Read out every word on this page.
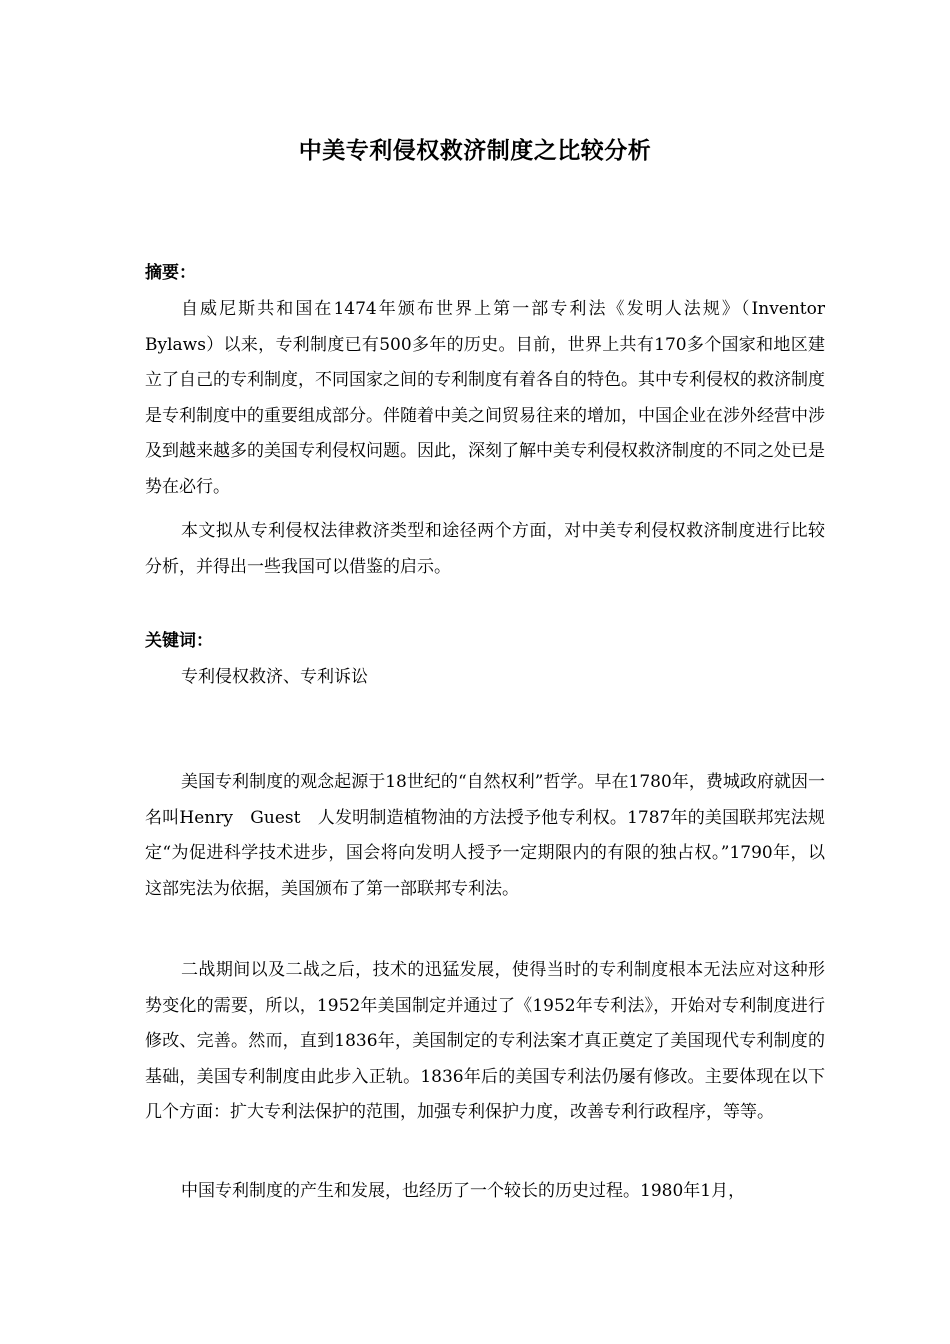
中美专利侵权救济制度之比较分析
摘要：

自威尼斯共和国在1474年颁布世界上第一部专利法《发明人法规》（Inventor Bylaws）以来，专利制度已有500多年的历史。目前，世界上共有170多个国家和地区建立了自己的专利制度，不同国家之间的专利制度有着各自的特色。其中专利侵权的救济制度是专利制度中的重要组成部分。伴随着中美之间贸易往来的增加，中国企业在涉外经营中涉及到越来越多的美国专利侵权问题。因此，深刻了解中美专利侵权救济制度的不同之处已是势在必行。

本文拟从专利侵权法律救济类型和途径两个方面，对中美专利侵权救济制度进行比较分析，并得出一些我国可以借鉴的启示。

关键词：
专利侵权救济、专利诉讼

美国专利制度的观念起源于18世纪的“自然权利”哲学。早在1780年，费城政府就因一名叫Henry　Guest　人发明制造植物油的方法授予他专利权。1787年的美国联邦宪法规定“为促进科学技术进步，国会将向发明人授予一定期限内的有限的独占权。”1790年，以这部宪法为依据，美国颁布了第一部联邦专利法。

二战期间以及二战之后，技术的迅猛发展，使得当时的专利制度根本无法应对这种形势变化的需要，所以，1952年美国制定并通过了《1952年专利法》，开始对专利制度进行修改、完善。然而，直到1836年，美国制定的专利法案才真正奠定了美国现代专利制度的基础，美国专利制度由此步入正轨。1836年后的美国专利法仍屡有修改。主要体现在以下几个方面：扩大专利法保护的范围，加强专利保护力度，改善专利行政程序，等等。

中国专利制度的产生和发展，也经历了一个较长的历史过程。1980年1月，
